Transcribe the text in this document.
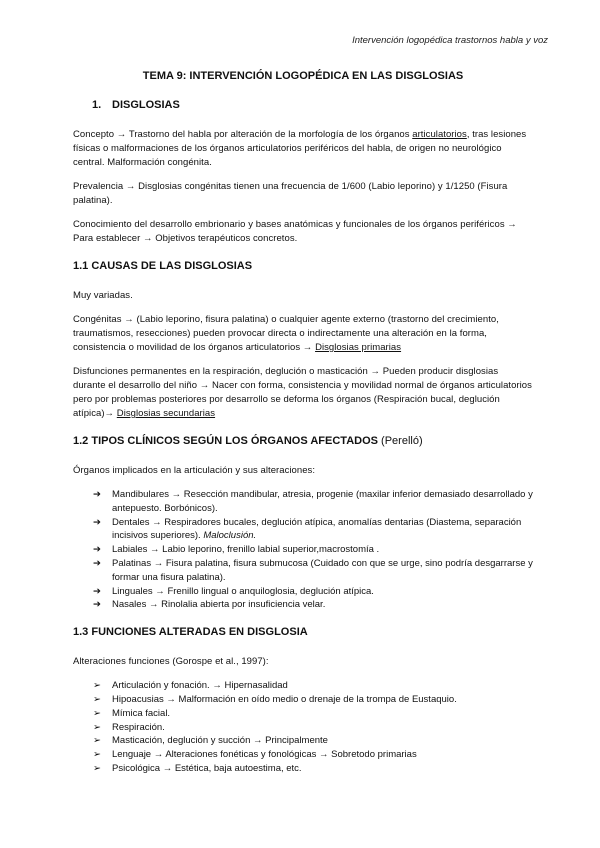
Intervención logopédica trastornos habla y voz
TEMA 9: INTERVENCIÓN LOGOPÉDICA EN LAS DISGLOSIAS
1. DISGLOSIAS

Concepto → Trastorno del habla por alteración de la morfología de los órganos articulatorios, tras lesiones físicas o malformaciones de los órganos articulatorios periféricos del habla, de origen no neurológico central. Malformación congénita.

Prevalencia → Disglosias congénitas tienen una frecuencia de 1/600 (Labio leporino) y 1/1250 (Fisura palatina).

Conocimiento del desarrollo embrionario y bases anatómicas y funcionales de los órganos periféricos → Para establecer → Objetivos terapéuticos concretos.

1.1 CAUSAS DE LAS DISGLOSIAS

Muy variadas.

Congénitas → (Labio leporino, fisura palatina) o cualquier agente externo (trastorno del crecimiento, traumatismos, resecciones) pueden provocar directa o indirectamente una alteración en la forma, consistencia o movilidad de los órganos articulatorios → Disglosias primarias

Disfunciones permanentes en la respiración, deglución o masticación → Pueden producir disglosias durante el desarrollo del niño → Nacer con forma, consistencia y movilidad normal de órganos articulatorios pero por problemas posteriores por desarrollo se deforma los órganos (Respiración bucal, deglución atípica)→ Disglosias secundarias

1.2 TIPOS CLÍNICOS SEGÚN LOS ÓRGANOS AFECTADOS (Perelló)

Órganos implicados en la articulación y sus alteraciones:

➔ Mandibulares → Resección mandibular, atresia, progenie (maxilar inferior demasiado desarrollado y antepuesto. Borbónicos).
➔ Dentales → Respiradores bucales, deglución atípica, anomalías dentarias (Diastema, separación incisivos superiores). Maloclusión.
➔ Labiales → Labio leporino, frenillo labial superior,macrostomía .
➔ Palatinas → Fisura palatina, fisura submucosa (Cuidado con que se urge, sino podría desgarrarse y formar una fisura palatina).
➔ Linguales → Frenillo lingual o anquiloglosia, deglución atípica.
➔ Nasales → Rinolalia abierta por insuficiencia velar.
1.3 FUNCIONES ALTERADAS EN DISGLOSIA

Alteraciones funciones (Gorospe et al., 1997):

➢ Articulación y fonación. → Hipernasalidad
➢ Hipoacusias → Malformación en oído medio o drenaje de la trompa de Eustaquio.
➢ Mímica facial.
➢ Respiración.
➢ Masticación, deglución y succión → Principalmente
➢ Lenguaje → Alteraciones fonéticas y fonológicas → Sobretodo primarias
➢ Psicológica → Estética, baja autoestima, etc.
